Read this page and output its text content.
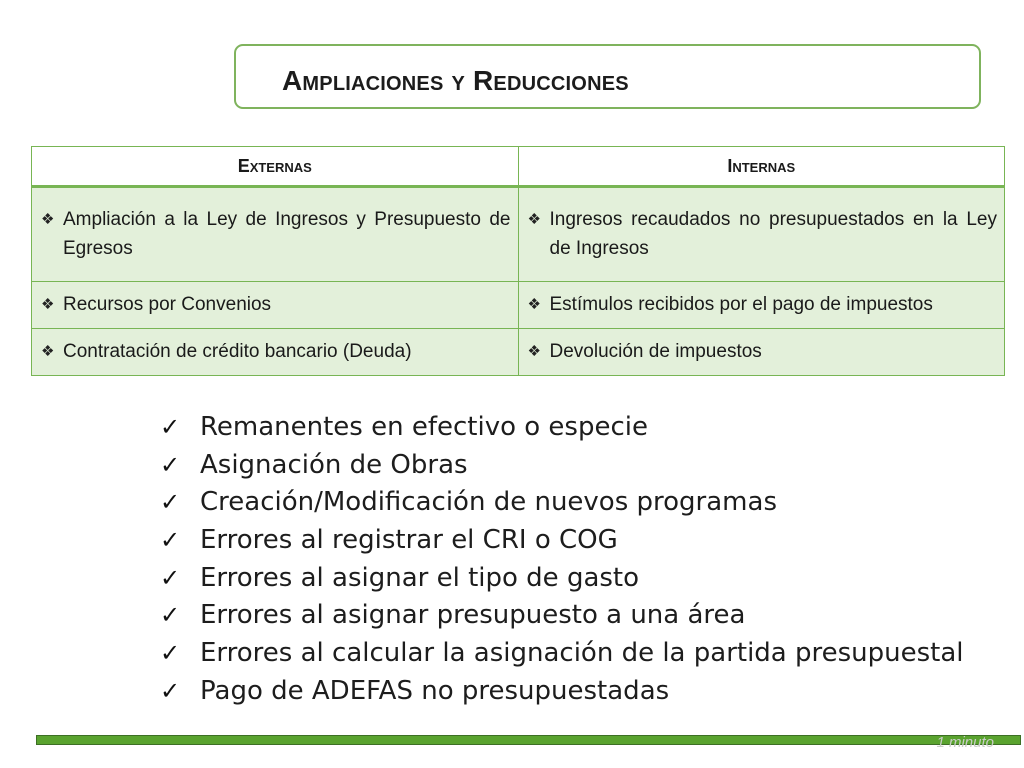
Ampliaciones y Reducciones
Externas	Internas

❖ Ampliación a la Ley de Ingresos y Presupuesto de Egresos	❖ Ingresos recaudados no presupuestados en la Ley de Ingresos

❖ Recursos por Convenios	❖ Estímulos recibidos por el pago de impuestos

❖ Contratación de crédito bancario (Deuda)	❖ Devolución de impuestos
✓ Remanentes en efectivo o especie
✓ Asignación de Obras
✓ Creación/Modificación de nuevos programas
✓ Errores al registrar el CRI o COG
✓ Errores al asignar el tipo de gasto
✓ Errores al asignar presupuesto a una área
✓ Errores al calcular la asignación de la partida presupuestal
✓ Pago de ADEFAS no presupuestadas
1 minuto
